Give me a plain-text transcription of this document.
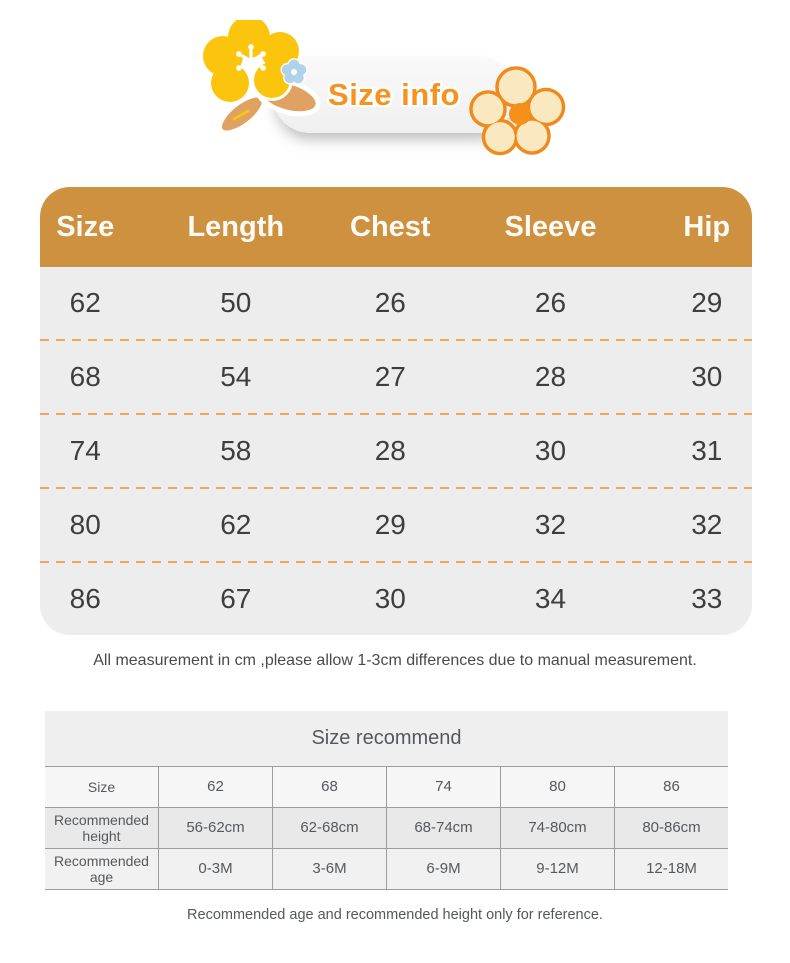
Size info
Size	Length	Chest	Sleeve	Hip
62	50	26	26	29
68	54	27	28	30
74	58	28	30	31
80	62	29	32	32
86	67	30	34	33
All measurement in cm ,please allow 1-3cm differences due to manual measurement.
Size recommend
Size	62	68	74	80	86
Recommended height	56-62cm	62-68cm	68-74cm	74-80cm	80-86cm
Recommended age	0-3M	3-6M	6-9M	9-12M	12-18M
Recommended age and recommended height only for reference.
